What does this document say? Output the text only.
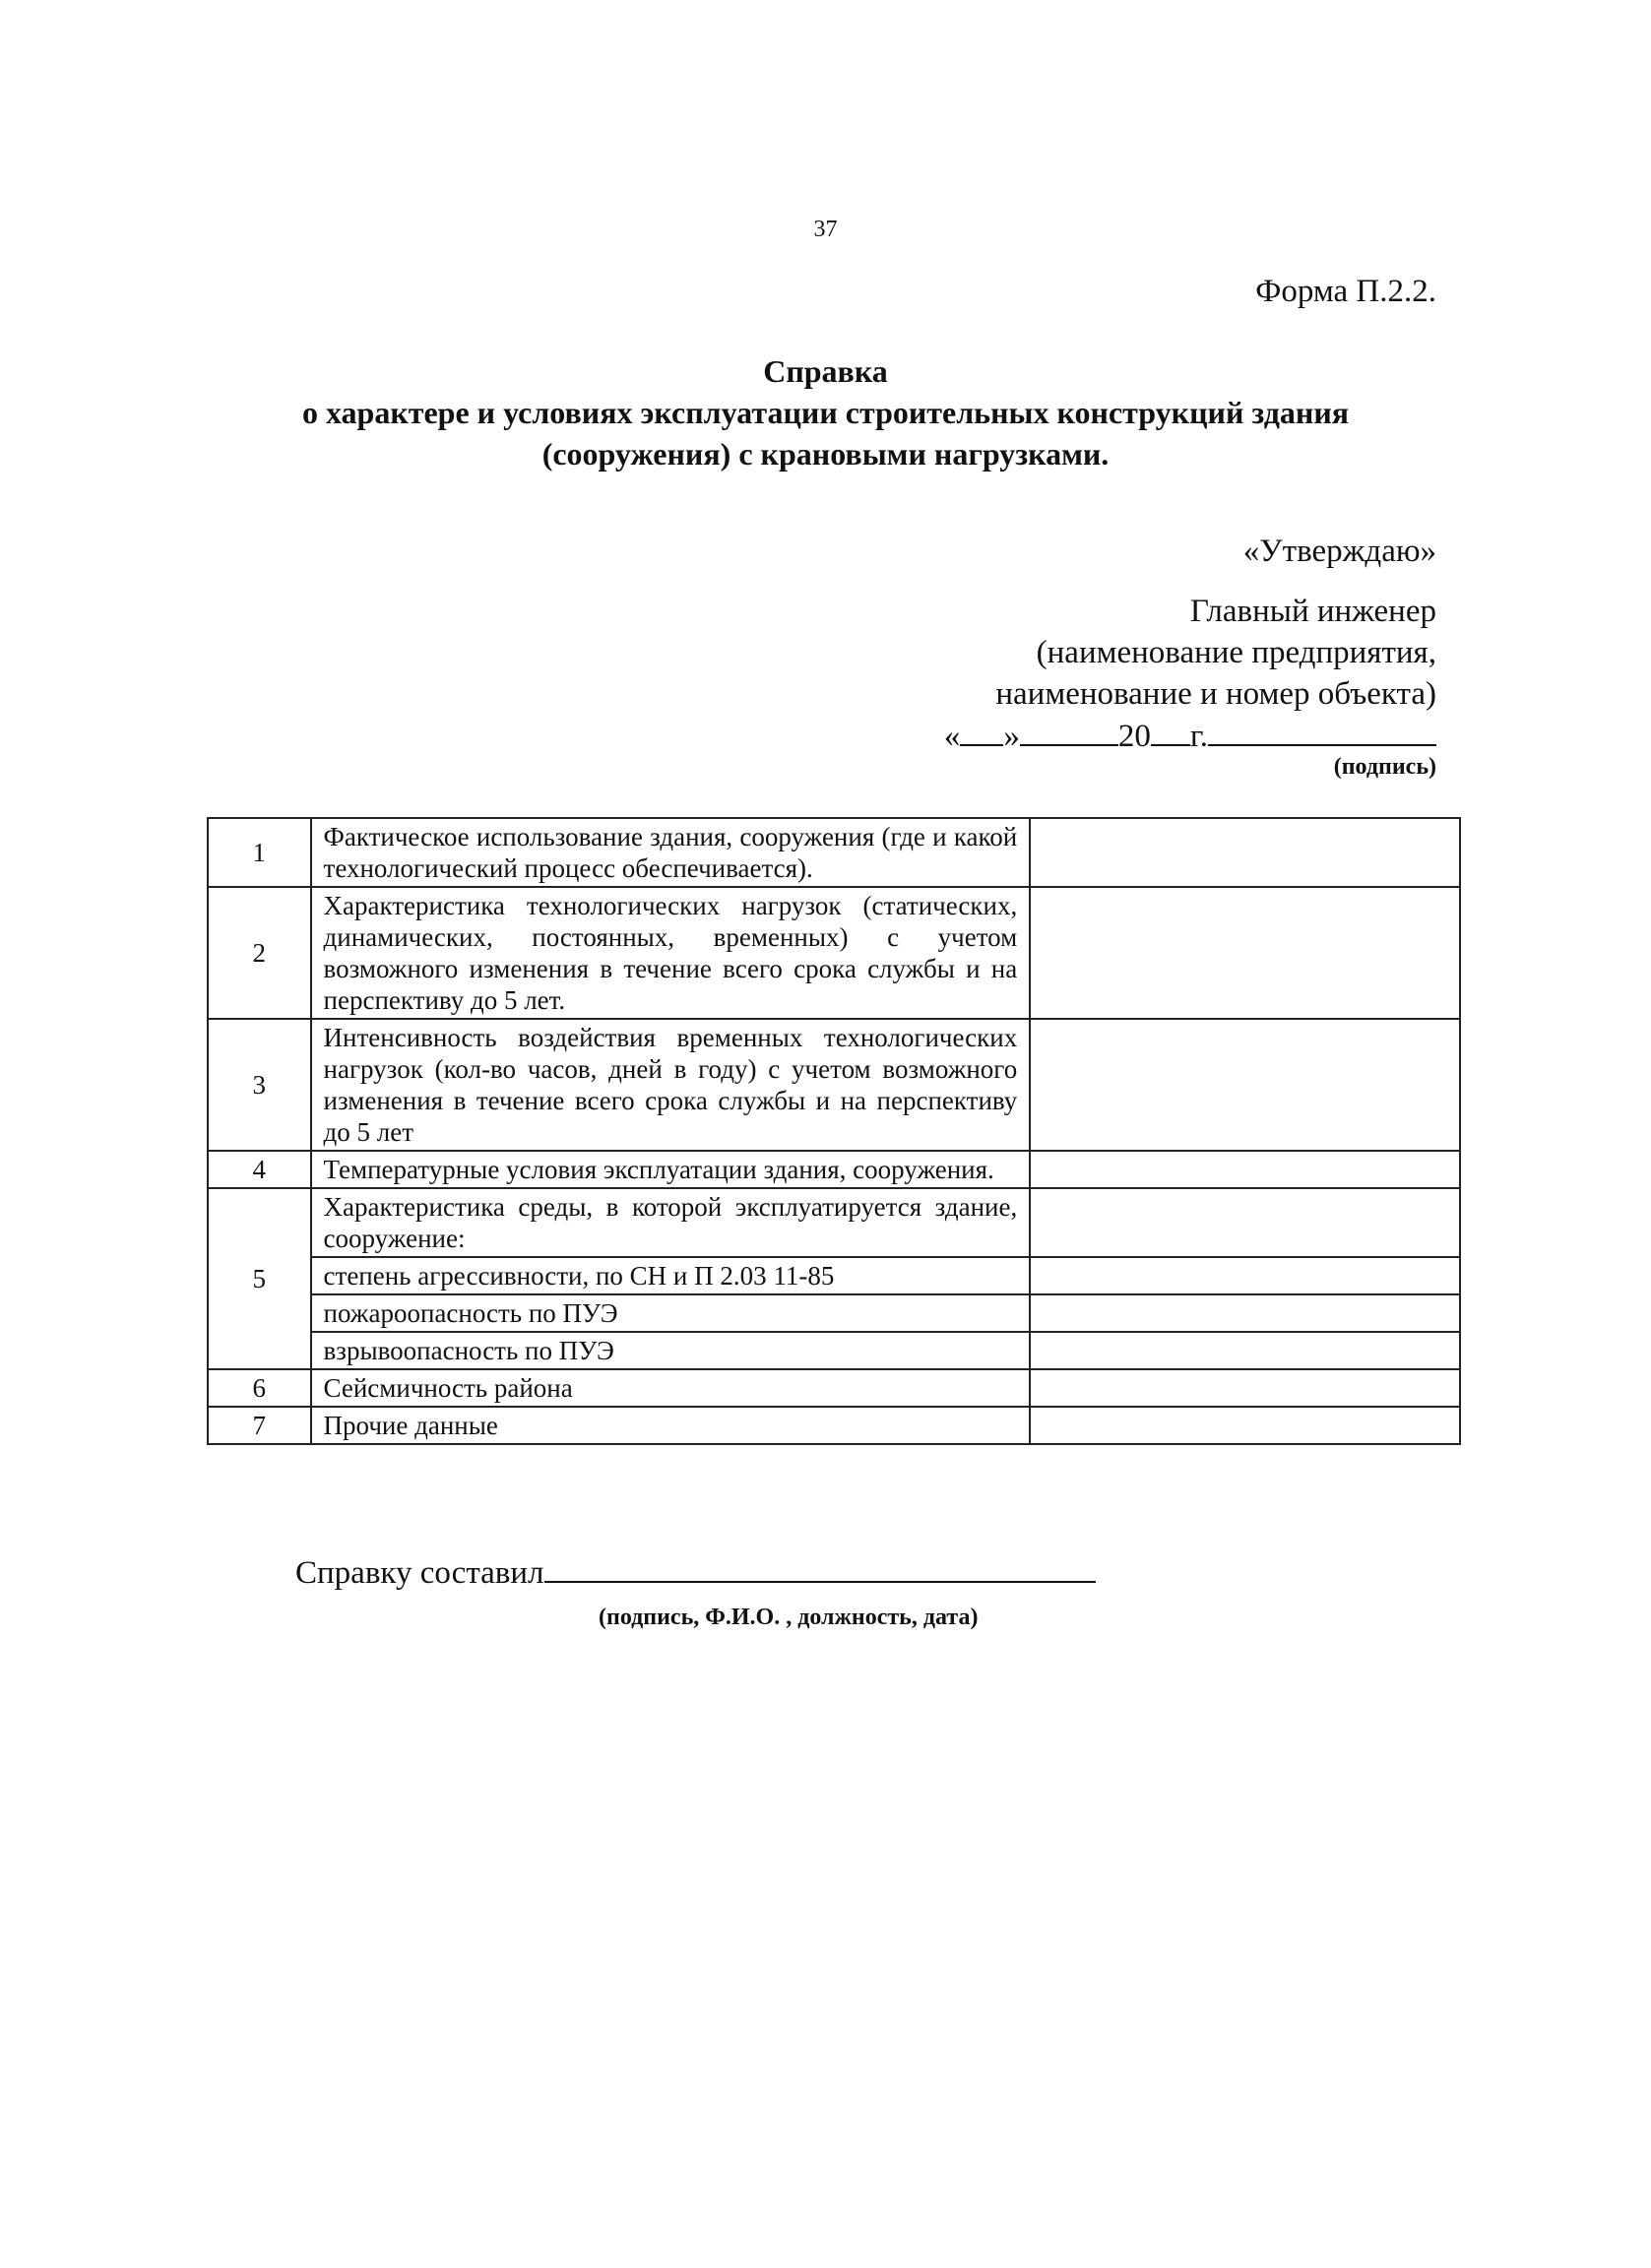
37
Форма П.2.2.
Справка
о характере и условиях эксплуатации строительных конструкций здания
(сооружения) с крановыми нагрузками.
«Утверждаю»
Главный инженер
(наименование предприятия,
наименование и номер объекта)
« »	20 г.
(подпись)
1	Фактическое использование здания, сооружения (где и какой технологический процесс обеспечивается).	
2	Характеристика технологических нагрузок (статических, динамических, постоянных, временных) с учетом возможного изменения в течение всего срока службы и на перспективу до 5 лет.	
3	Интенсивность воздействия временных технологических нагрузок (кол-во часов, дней в году) с учетом возможного изменения в течение всего срока службы и на перспективу до 5 лет	
4	Температурные условия эксплуатации здания, сооружения.	
5	Характеристика среды, в которой эксплуатируется здание, сооружение:	
	степень агрессивности, по СН и П 2.03 11-85	
	пожароопасность по ПУЭ	
	взрывоопасность по ПУЭ	
6	Сейсмичность района	
7	Прочие данные	
Справку составил
(подпись, Ф.И.О. , должность, дата)
